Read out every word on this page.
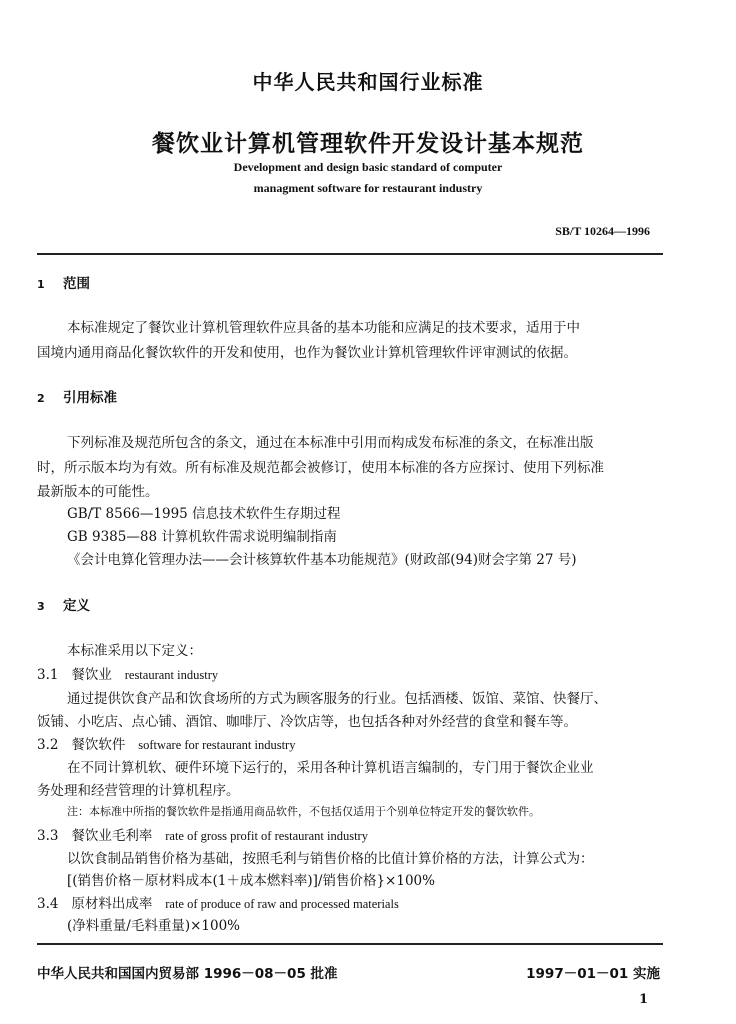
中华人民共和国行业标准
餐饮业计算机管理软件开发设计基本规范
Development and design basic standard of computer
managment software for restaurant industry
SB/T 10264—1996
1 范围
本标准规定了餐饮业计算机管理软件应具备的基本功能和应满足的技术要求，适用于中
国境内通用商品化餐饮软件的开发和使用，也作为餐饮业计算机管理软件评审测试的依据。
2 引用标准
下列标准及规范所包含的条文，通过在本标准中引用而构成发布标准的条文，在标准出版
时，所示版本均为有效。所有标准及规范都会被修订，使用本标准的各方应探讨、使用下列标准
最新版本的可能性。
GB/T 8566—1995 信息技术软件生存期过程
GB 9385—88 计算机软件需求说明编制指南
《会计电算化管理办法——会计核算软件基本功能规范》(财政部(94)财会字第 27 号)
3 定义
本标准采用以下定义：
3.1 餐饮业 restaurant industry
通过提供饮食产品和饮食场所的方式为顾客服务的行业。包括酒楼、饭馆、菜馆、快餐厅、
饭铺、小吃店、点心铺、酒馆、咖啡厅、冷饮店等，也包括各种对外经营的食堂和餐车等。
3.2 餐饮软件 software for restaurant industry
在不同计算机软、硬件环境下运行的，采用各种计算机语言编制的，专门用于餐饮企业业
务处理和经营管理的计算机程序。
注：本标准中所指的餐饮软件是指通用商品软件，不包括仅适用于个别单位特定开发的餐饮软件。
3.3 餐饮业毛利率 rate of gross profit of restaurant industry
以饮食制品销售价格为基础，按照毛利与销售价格的比值计算价格的方法，计算公式为：
[(销售价格－原材料成本(1＋成本燃料率)]/销售价格}×100%
3.4 原材料出成率 rate of produce of raw and processed materials
(净料重量/毛料重量)×100%
中华人民共和国国内贸易部 1996－08－05 批准	1997－01－01 实施
1
